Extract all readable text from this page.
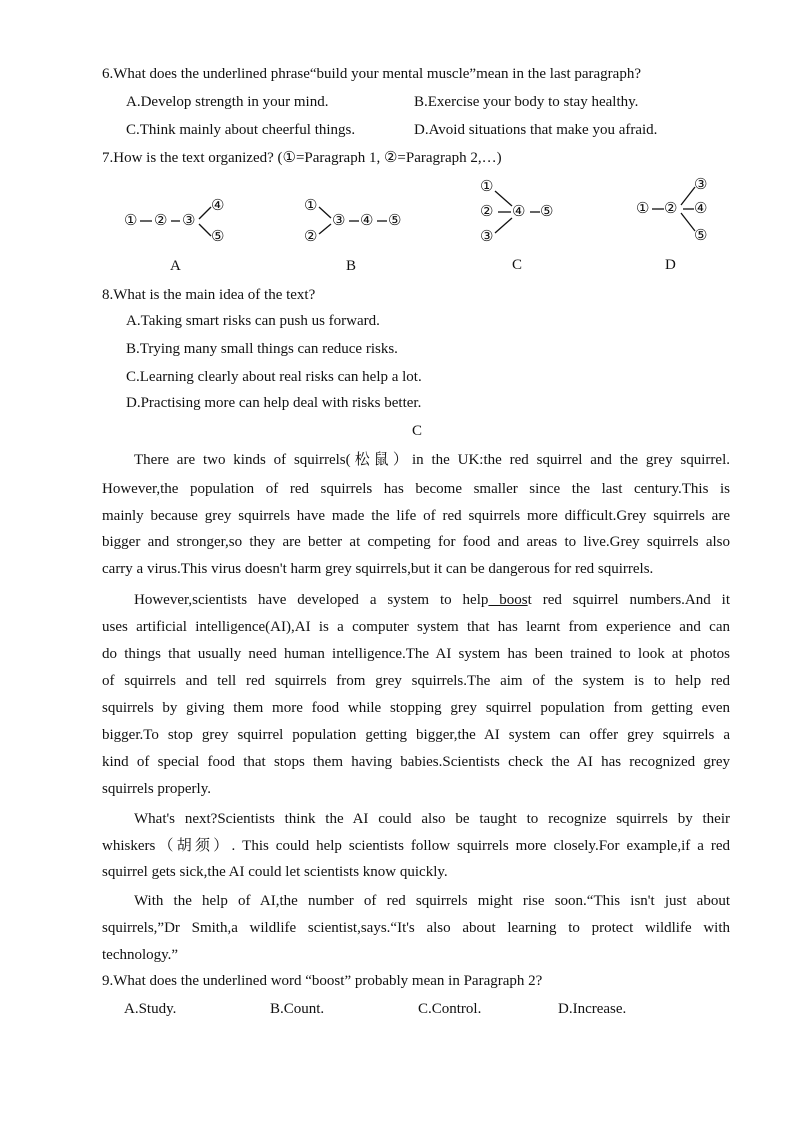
6.What does the underlined phrase“build your mental muscle”mean in the last paragraph?
A.Develop strength in your mind.	B.Exercise your body to stay healthy.
C.Think mainly about cheerful things.	D.Avoid situations that make you afraid.
7.How is the text organized? (①=Paragraph 1, ②=Paragraph 2,…)
① ② ③
④
⑤
A
①
②
③ ④ ⑤
B
①
②
③
④ ⑤
C
① ②
③
④
⑤
D
8.What is the main idea of the text?
A.Taking smart risks can push us forward.
B.Trying many small things can reduce risks.
C.Learning clearly about real risks can help a lot.
D.Practising more can help deal with risks better.
C
There are two kinds of squirrels(松鼠）in the UK:the red squirrel and the grey squirrel.
However,the population of red squirrels has become smaller since the last century.This is
mainly because grey squirrels have made the life of red squirrels more difficult.Grey squirrels are
bigger and stronger,so they are better at competing for food and areas to live.Grey squirrels also
carry a virus.This virus doesn't harm grey squirrels,but it can be dangerous for red squirrels.
However,scientists have developed a system to help boost red squirrel numbers.And it
uses artificial intelligence(AI),AI is a computer system that has learnt from experience and can
do things that usually need human intelligence.The AI system has been trained to look at photos
of squirrels and tell red squirrels from grey squirrels.The aim of the system is to help red
squirrels by giving them more food while stopping grey squirrel population from getting even
bigger.To stop grey squirrel population getting bigger,the AI system can offer grey squirrels a
kind of special food that stops them having babies.Scientists check the AI has recognized grey
squirrels properly.
What's next?Scientists think the AI could also be taught to recognize squirrels by their
whiskers（胡须）. This could help scientists follow squirrels more closely.For example,if a red
squirrel gets sick,the AI could let scientists know quickly.
With the help of AI,the number of red squirrels might rise soon.“This isn't just about
squirrels,”Dr Smith,a wildlife scientist,says.“It's also about learning to protect wildlife with
technology.”
9.What does the underlined word “boost” probably mean in Paragraph 2?
A.Study.	B.Count.	C.Control.	D.Increase.
